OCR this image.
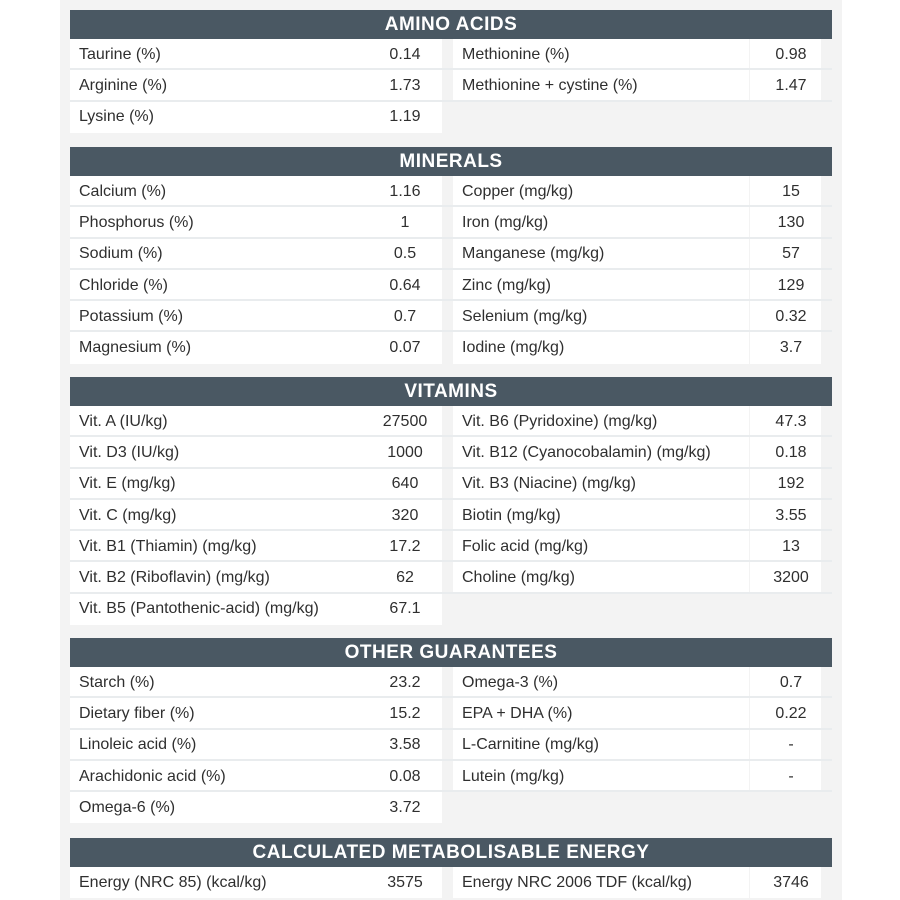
AMINO ACIDS
Taurine (%)	0.14	Methionine (%)	0.98
Arginine (%)	1.73	Methionine + cystine (%)	1.47
Lysine (%)	1.19
MINERALS
Calcium (%)	1.16	Copper (mg/kg)	15
Phosphorus (%)	1	Iron (mg/kg)	130
Sodium (%)	0.5	Manganese (mg/kg)	57
Chloride (%)	0.64	Zinc (mg/kg)	129
Potassium (%)	0.7	Selenium (mg/kg)	0.32
Magnesium (%)	0.07	Iodine (mg/kg)	3.7
VITAMINS
Vit. A (IU/kg)	27500	Vit. B6 (Pyridoxine) (mg/kg)	47.3
Vit. D3 (IU/kg)	1000	Vit. B12 (Cyanocobalamin) (mg/kg)	0.18
Vit. E (mg/kg)	640	Vit. B3 (Niacine) (mg/kg)	192
Vit. C (mg/kg)	320	Biotin (mg/kg)	3.55
Vit. B1 (Thiamin) (mg/kg)	17.2	Folic acid (mg/kg)	13
Vit. B2 (Riboflavin) (mg/kg)	62	Choline (mg/kg)	3200
Vit. B5 (Pantothenic-acid) (mg/kg)	67.1
OTHER GUARANTEES
Starch (%)	23.2	Omega-3 (%)	0.7
Dietary fiber (%)	15.2	EPA + DHA (%)	0.22
Linoleic acid (%)	3.58	L-Carnitine (mg/kg)	-
Arachidonic acid (%)	0.08	Lutein (mg/kg)	-
Omega-6 (%)	3.72
CALCULATED METABOLISABLE ENERGY
Energy (NRC 85) (kcal/kg)	3575	Energy NRC 2006 TDF (kcal/kg)	3746
